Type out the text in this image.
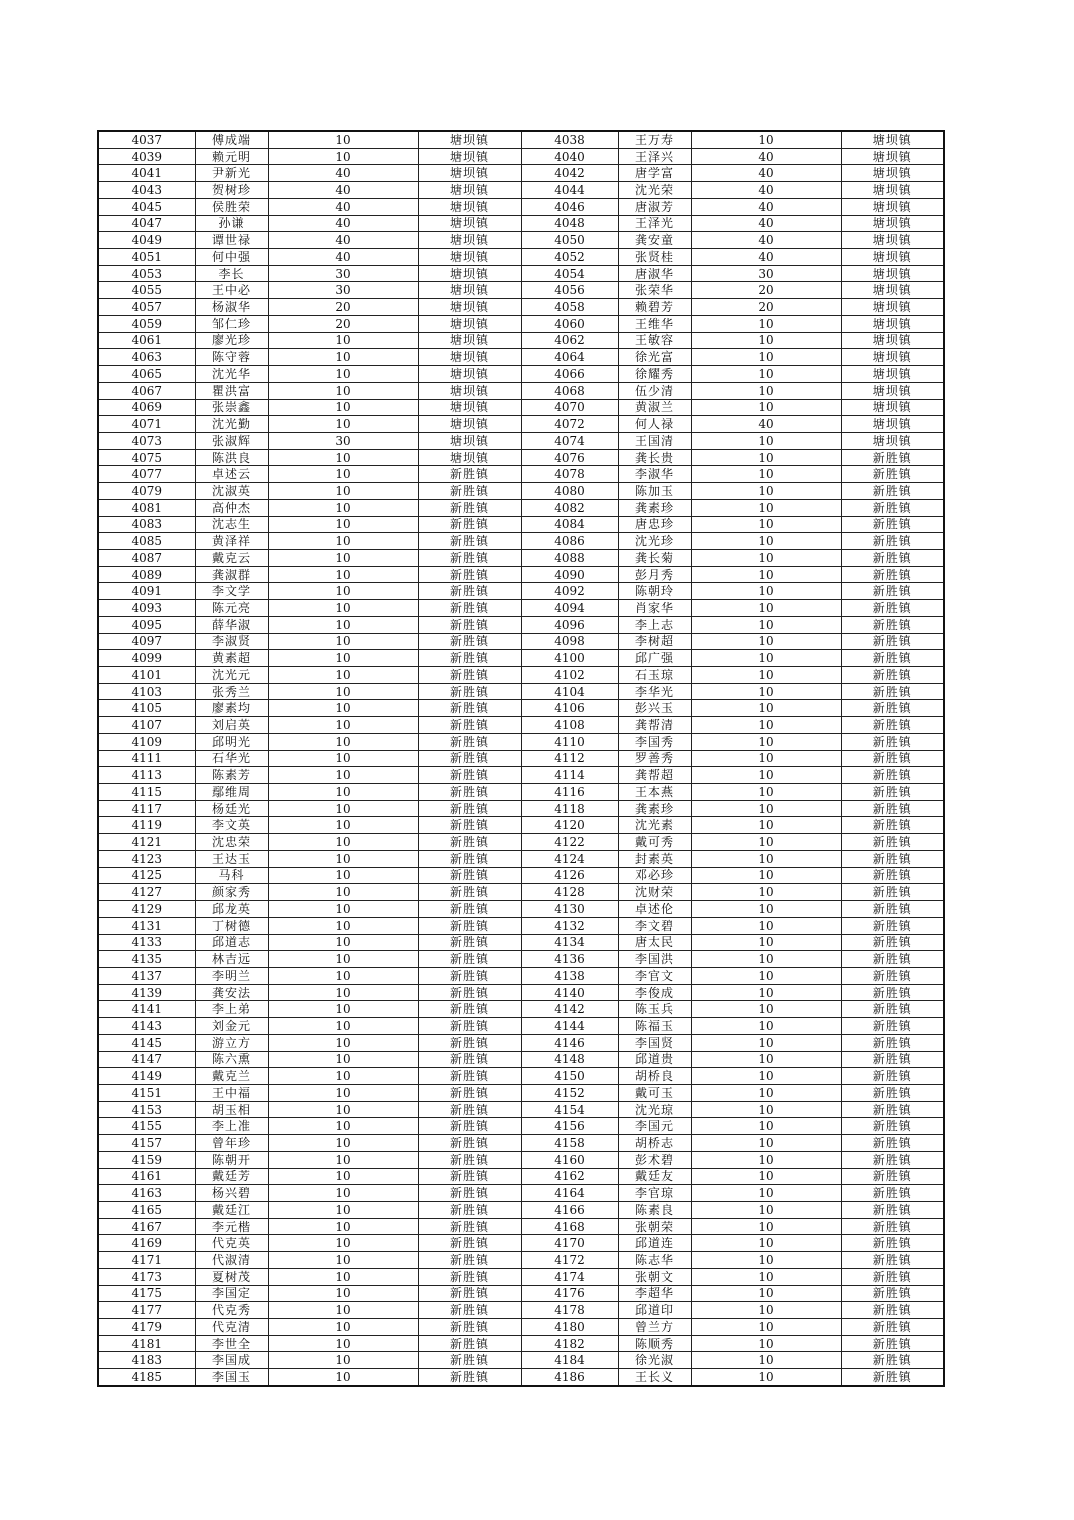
4037	傅成端	10	塘坝镇	4038	王万寿	10	塘坝镇
4039	赖元明	10	塘坝镇	4040	王泽兴	40	塘坝镇
4041	尹新光	40	塘坝镇	4042	唐学富	40	塘坝镇
4043	贺树珍	40	塘坝镇	4044	沈光荣	40	塘坝镇
4045	侯胜荣	40	塘坝镇	4046	唐淑芳	40	塘坝镇
4047	孙谦	40	塘坝镇	4048	王泽光	40	塘坝镇
4049	谭世禄	40	塘坝镇	4050	龚安童	40	塘坝镇
4051	何中强	40	塘坝镇	4052	张贤桂	40	塘坝镇
4053	李长	30	塘坝镇	4054	唐淑华	30	塘坝镇
4055	王中必	30	塘坝镇	4056	张荣华	20	塘坝镇
4057	杨淑华	20	塘坝镇	4058	赖碧芳	20	塘坝镇
4059	邹仁珍	20	塘坝镇	4060	王维华	10	塘坝镇
4061	廖光珍	10	塘坝镇	4062	王敏容	10	塘坝镇
4063	陈守蓉	10	塘坝镇	4064	徐光富	10	塘坝镇
4065	沈光华	10	塘坝镇	4066	徐耀秀	10	塘坝镇
4067	瞿洪富	10	塘坝镇	4068	伍少清	10	塘坝镇
4069	张崇鑫	10	塘坝镇	4070	黄淑兰	10	塘坝镇
4071	沈光勤	10	塘坝镇	4072	何人禄	40	塘坝镇
4073	张淑辉	30	塘坝镇	4074	王国清	10	塘坝镇
4075	陈洪良	10	塘坝镇	4076	龚长贵	10	新胜镇
4077	卓述云	10	新胜镇	4078	李淑华	10	新胜镇
4079	沈淑英	10	新胜镇	4080	陈加玉	10	新胜镇
4081	高仲杰	10	新胜镇	4082	龚素珍	10	新胜镇
4083	沈志生	10	新胜镇	4084	唐忠珍	10	新胜镇
4085	黄泽祥	10	新胜镇	4086	沈光珍	10	新胜镇
4087	戴克云	10	新胜镇	4088	龚长菊	10	新胜镇
4089	龚淑群	10	新胜镇	4090	彭月秀	10	新胜镇
4091	李文学	10	新胜镇	4092	陈朝玲	10	新胜镇
4093	陈元亮	10	新胜镇	4094	肖家华	10	新胜镇
4095	薛华淑	10	新胜镇	4096	李上志	10	新胜镇
4097	李淑贤	10	新胜镇	4098	李树超	10	新胜镇
4099	黄素超	10	新胜镇	4100	邱广强	10	新胜镇
4101	沈光元	10	新胜镇	4102	石玉琼	10	新胜镇
4103	张秀兰	10	新胜镇	4104	李华光	10	新胜镇
4105	廖素均	10	新胜镇	4106	彭兴玉	10	新胜镇
4107	刘启英	10	新胜镇	4108	龚帮清	10	新胜镇
4109	邱明光	10	新胜镇	4110	李国秀	10	新胜镇
4111	石华光	10	新胜镇	4112	罗善秀	10	新胜镇
4113	陈素芳	10	新胜镇	4114	龚帮超	10	新胜镇
4115	鄢维周	10	新胜镇	4116	王本燕	10	新胜镇
4117	杨廷光	10	新胜镇	4118	龚素珍	10	新胜镇
4119	李文英	10	新胜镇	4120	沈光素	10	新胜镇
4121	沈忠荣	10	新胜镇	4122	戴可秀	10	新胜镇
4123	王达玉	10	新胜镇	4124	封素英	10	新胜镇
4125	马科	10	新胜镇	4126	邓必珍	10	新胜镇
4127	颜家秀	10	新胜镇	4128	沈财荣	10	新胜镇
4129	邱龙英	10	新胜镇	4130	卓述伦	10	新胜镇
4131	丁树德	10	新胜镇	4132	李文碧	10	新胜镇
4133	邱道志	10	新胜镇	4134	唐太民	10	新胜镇
4135	林吉远	10	新胜镇	4136	李国洪	10	新胜镇
4137	李明兰	10	新胜镇	4138	李官文	10	新胜镇
4139	龚安法	10	新胜镇	4140	李俊成	10	新胜镇
4141	李上弟	10	新胜镇	4142	陈玉兵	10	新胜镇
4143	刘金元	10	新胜镇	4144	陈福玉	10	新胜镇
4145	游立方	10	新胜镇	4146	李国贤	10	新胜镇
4147	陈六熏	10	新胜镇	4148	邱道贵	10	新胜镇
4149	戴克兰	10	新胜镇	4150	胡桥良	10	新胜镇
4151	王中福	10	新胜镇	4152	戴可玉	10	新胜镇
4153	胡玉相	10	新胜镇	4154	沈光琼	10	新胜镇
4155	李上准	10	新胜镇	4156	李国元	10	新胜镇
4157	曾年珍	10	新胜镇	4158	胡桥志	10	新胜镇
4159	陈朝开	10	新胜镇	4160	彭术碧	10	新胜镇
4161	戴廷芳	10	新胜镇	4162	戴廷友	10	新胜镇
4163	杨兴碧	10	新胜镇	4164	李官琼	10	新胜镇
4165	戴廷江	10	新胜镇	4166	陈素良	10	新胜镇
4167	李元楷	10	新胜镇	4168	张朝荣	10	新胜镇
4169	代克英	10	新胜镇	4170	邱道连	10	新胜镇
4171	代淑清	10	新胜镇	4172	陈志华	10	新胜镇
4173	夏树茂	10	新胜镇	4174	张朝文	10	新胜镇
4175	李国定	10	新胜镇	4176	李超华	10	新胜镇
4177	代克秀	10	新胜镇	4178	邱道印	10	新胜镇
4179	代克清	10	新胜镇	4180	曾兰方	10	新胜镇
4181	李世全	10	新胜镇	4182	陈顺秀	10	新胜镇
4183	李国成	10	新胜镇	4184	徐光淑	10	新胜镇
4185	李国玉	10	新胜镇	4186	王长义	10	新胜镇
